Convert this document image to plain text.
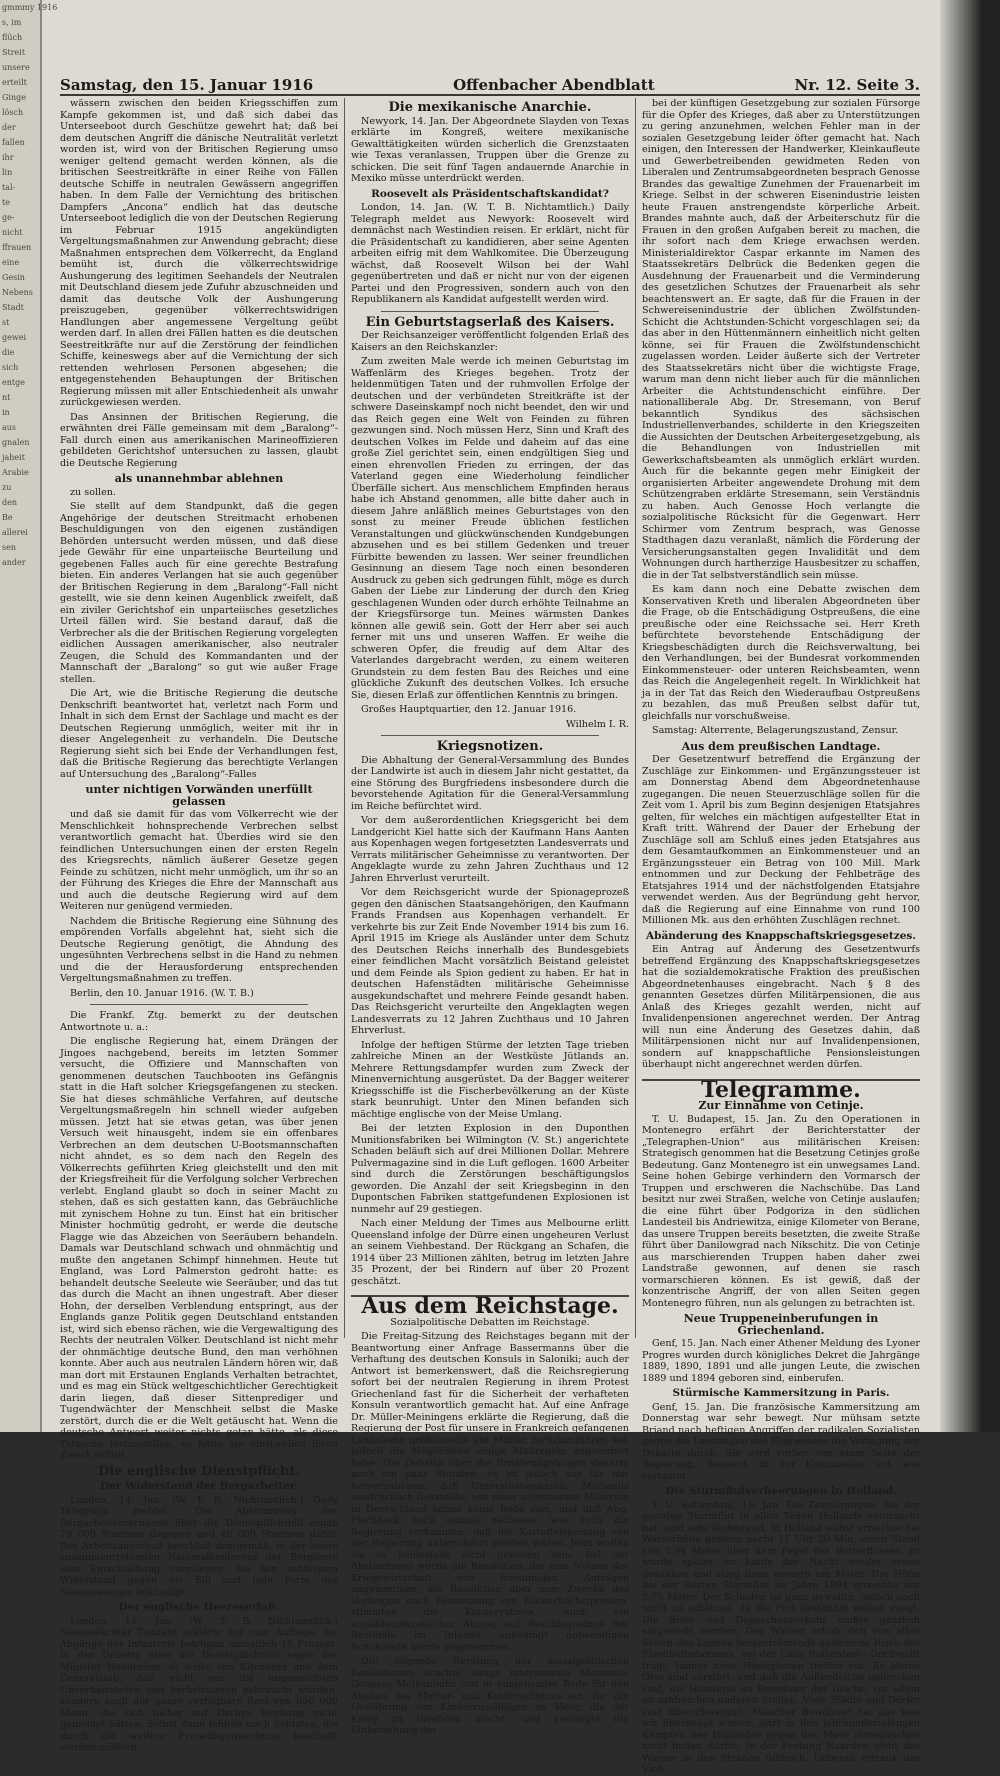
gmmmy 1916
s, im
flüch
Streit
unsere
erteilt
Ginge
lösch
der
fallen
ihr
lin
tal-
te
ge-
nicht
ffrauen
eine
Gesin
Nebens
Stadt
st
gewei
die
sich
entge
nt
in
aus
gnalen
jaheit
Arabie
zu
den
Be
allerei
sen
ander
Samstag, den 15. Januar 1916	Offenbacher Abendblatt	Nr. 12. Seite 3.

wässern zwischen den beiden Kriegsschiffen zum Kampfe gekommen ist, und daß sich dabei das Unterseeboot durch Geschütze gewehrt hat; daß bei dem deutschen Angriff die dänische Neutralität verletzt worden ist, wird von der Britischen Regierung umso weniger geltend gemacht werden können, als die britischen Seestreitkräfte in einer Reihe von Fällen deutsche Schiffe in neutralen Gewässern angegriffen haben. In dem Falle der Vernichtung des britischen Dampfers „Ancona“ endlich hat das deutsche Unterseeboot lediglich die von der Deutschen Regierung im Februar 1915 angekündigten Vergeltungsmaßnahmen zur Anwendung gebracht; diese Maßnahmen entsprechen dem Völkerrecht, da England bemüht ist, durch die völkerrechtswidrige Aushungerung des legitimen Seehandels der Neutralen mit Deutschland diesem jede Zufuhr abzuschneiden und damit das deutsche Volk der Aushungerung preiszugeben, gegenüber völkerrechtswidrigen Handlungen aber angemessene Vergeltung geübt werden darf. In allen drei Fällen hatten es die deutschen Seestreitkräfte nur auf die Zerstörung der feindlichen Schiffe, keineswegs aber auf die Vernichtung der sich rettenden wehrlosen Personen abgesehen; die entgegenstehenden Behauptungen der Britischen Regierung müssen mit aller Entschiedenheit als unwahr zurückgewiesen werden.

Das Ansinnen der Britischen Regierung, die erwähnten drei Fälle gemeinsam mit dem „Baralong“-Fall durch einen aus amerikanischen Marineoffizieren gebildeten Gerichtshof untersuchen zu lassen, glaubt die Deutsche Regierung

als unannehmbar ablehnen

zu sollen.

Sie stellt auf dem Standpunkt, daß die gegen Angehörige der deutschen Streitmacht erhobenen Beschuldigungen von den eigenen zuständigen Behörden untersucht werden müssen, und daß diese jede Gewähr für eine unparteiische Beurteilung und gegebenen Falles auch für eine gerechte Bestrafung bieten. Ein anderes Verlangen hat sie auch gegenüber der Britischen Regierung in dem „Baralong“-Fall nicht gestellt, wie sie denn keinen Augenblick zweifelt, daß ein ziviler Gerichtshof ein unparteiisches gesetzliches Urteil fällen wird. Sie bestand darauf, daß die Verbrecher als die der Britischen Regierung vorgelegten eidlichen Aussagen amerikanischer, also neutraler Zeugen, die Schuld des Kommandanten und der Mannschaft der „Baralong“ so gut wie außer Frage stellen.

Die Art, wie die Britische Regierung die deutsche Denkschrift beantwortet hat, verletzt nach Form und Inhalt in sich dem Ernst der Sachlage und macht es der Deutschen Regierung unmöglich, weiter mit ihr in dieser Angelegenheit zu verhandeln. Die Deutsche Regierung sieht sich bei Ende der Verhandlungen fest, daß die Britische Regierung das berechtigte Verlangen auf Untersuchung des „Baralong“-Falles

unter nichtigen Vorwänden unerfüllt gelassen

und daß sie damit für das vom Völkerrecht wie der Menschlichkeit hohnsprechende Verbrechen selbst verantwortlich gemacht hat. Überdies wird sie den feindlichen Untersuchungen einen der ersten Regeln des Kriegsrechts, nämlich äußerer Gesetze gegen Feinde zu schützen, nicht mehr unmöglich, um ihr so an der Führung des Krieges die Ehre der Mannschaft aus und auch die deutsche Regierung wird auf dem Weiteren nur genügend vermieden.

Nachdem die Britische Regierung eine Sühnung des empörenden Vorfalls abgelehnt hat, sieht sich die Deutsche Regierung genötigt, die Ahndung des ungesühnten Verbrechens selbst in die Hand zu nehmen und die der Herausforderung entsprechenden Vergeltungsmaßnahmen zu treffen.

Berlin, den 10. Januar 1916. (W. T. B.)

Die Frankf. Ztg. bemerkt zu der deutschen Antwortnote u. a.:

Die englische Regierung hat, einem Drängen der Jingoes nachgebend, bereits im letzten Sommer versucht, die Offiziere und Mannschaften von genommenen deutschen Tauchbooten ins Gefängnis statt in die Haft solcher Kriegsgefangenen zu stecken. Sie hat dieses schmähliche Verfahren, auf deutsche Vergeltungsmaßregeln hin schnell wieder aufgeben müssen. Jetzt hat sie etwas getan, was über jenen Versuch weit hinausgeht, indem sie ein offenbares Verbrechen an dem deutschen U-Bootsmannschaften nicht ahndet, es so dem nach den Regeln des Völkerrechts geführten Krieg gleichstellt und den mit der Kriegsfreiheit für die Verfolgung solcher Verbrechen verlebt. England glaubt so doch in seiner Macht zu stehen, daß es sich gestatten kann, das Gebräuchliche mit zynischem Hohne zu tun. Einst hat ein britischer Minister hochmütig gedroht, er werde die deutsche Flagge wie das Abzeichen von Seeräubern behandeln. Damals war Deutschland schwach und ohnmächtig und mußte den angetanen Schimpf hinnehmen. Heute tut England, was Lord Palmerston gedroht hatte: es behandelt deutsche Seeleute wie Seeräuber, und das tut das durch die Macht an ihnen ungestraft. Aber dieser Hohn, der derselben Verblendung entspringt, aus der Englands ganze Politik gegen Deutschland entstanden ist, wird sich ebenso rächen, wie die Vergewaltigung des Rechts der neutralen Völker. Deutschland ist nicht mehr der ohnmächtige deutsche Bund, den man verhöhnen konnte. Aber auch aus neutralen Ländern hören wir, daß man dort mit Erstaunen Englands Verhalten betrachtet, und es mag ein Stück weltgeschichtlicher Gerechtigkeit darin liegen, daß dieser Sittenprediger und Tugendwächter der Menschheit selbst die Maske zerstört, durch die er die Welt getäuscht hat. Wenn die deutsche Antwort weiter nichts getan hätte, als diese Tatsache festzustellen, so hätte sie einstweilen ihren Zweck erfüllt.

Die englische Dienstpflicht.
Der Widerstand der Bergarbeiter.

London, 14. Jan. (W. T. B. Nichtamtlich.) Daily Telegraph meldet: Die Abstimmung der Bergarbeiterverbände über die Dienstpflichtbill ergab 79 000 Stimmen dagegen und 40 000 Stimmen dafür. Der Arbeitsausschuß beschloß demgemäß, in der heute zusammentretenden Nationalkonferenz der Bergleute eine Entschließung vorzulegen, die den schärfsten Widerstand gegen die Bill und jede Form des Staatszwanges ankündigt.

Der englische Heereserlaß.

London, 14. Jan. (W. T. B. Nichtamtlich.) Staatssekretär Tennant erklärte auf eine Anfrage, die Abgänge der Infanterie betrügen monatlich 15 Prozent. In der Debatte über die Dienstpflichtbill sagte der Minister Henderson, er wisse von Kitchener und dem Generalstab, daß nicht nur die ungemeldeten Unverheirateten und Verheirateten gebraucht würden, sondern auch der ganze verfügbare Rest von 650 000 Mann, die sich bisher auf Derbys Werbung nicht gemeldet hätten. Selbst dann fehlten noch Soldaten, die durch die weitere Freiwilligenwerbung beschafft werden müßten.

Die mexikanische Anarchie.

Newyork, 14. Jan. Der Abgeordnete Slayden von Texas erklärte im Kongreß, weitere mexikanische Gewalttätigkeiten würden sicherlich die Grenzstaaten wie Texas veranlassen, Truppen über die Grenze zu schicken. Die seit fünf Tagen andauernde Anarchie in Mexiko müsse unterdrückt werden.

Roosevelt als Präsidentschaftskandidat?

London, 14. Jan. (W. T. B. Nichtamtlich.) Daily Telegraph meldet aus Newyork: Roosevelt wird demnächst nach Westindien reisen. Er erklärt, nicht für die Präsidentschaft zu kandidieren, aber seine Agenten arbeiten eifrig mit dem Wahlkomitee. Die Überzeugung wächst, daß Roosevelt Wilson bei der Wahl gegenübertreten und daß er nicht nur von der eigenen Partei und den Progressiven, sondern auch von den Republikanern als Kandidat aufgestellt werden wird.

Ein Geburtstagserlaß des Kaisers.

Der Reichsanzeiger veröffentlicht folgenden Erlaß des Kaisers an den Reichskanzler:

Zum zweiten Male werde ich meinen Geburtstag im Waffenlärm des Krieges begehen. Trotz der heldenmütigen Taten und der ruhmvollen Erfolge der deutschen und der verbündeten Streitkräfte ist der schwere Daseinskampf noch nicht beendet, den wir und das Reich gegen eine Welt von Feinden zu führen gezwungen sind. Noch müssen Herz, Sinn und Kraft des deutschen Volkes im Felde und daheim auf das eine große Ziel gerichtet sein, einen endgültigen Sieg und einen ehrenvollen Frieden zu erringen, der das Vaterland gegen eine Wiederholung feindlicher Überfälle sichert. Aus menschlichem Empfinden heraus habe ich Abstand genommen, alle bitte daher auch in diesem Jahre anläßlich meines Geburtstages von den sonst zu meiner Freude üblichen festlichen Veranstaltungen und glückwünschenden Kundgebungen abzusehen und es bei stillem Gedenken und treuer Fürbitte bewenden zu lassen. Wer seiner freundlichen Gesinnung an diesem Tage noch einen besonderen Ausdruck zu geben sich gedrungen fühlt, möge es durch Gaben der Liebe zur Linderung der durch den Krieg geschlagenen Wunden oder durch erhöhte Teilnahme an der Kriegsfürsorge tun. Meines wärmsten Dankes können alle gewiß sein. Gott der Herr aber sei auch ferner mit uns und unseren Waffen. Er weihe die schweren Opfer, die freudig auf dem Altar des Vaterlandes dargebracht werden, zu einem weiteren Grundstein zu dem festen Bau des Reiches und eine glückliche Zukunft des deutschen Volkes. Ich ersuche Sie, diesen Erlaß zur öffentlichen Kenntnis zu bringen.

Großes Hauptquartier, den 12. Januar 1916.

Wilhelm I. R.

Kriegsnotizen.

Die Abhaltung der General-Versammlung des Bundes der Landwirte ist auch in diesem Jahr nicht gestattet, da eine Störung des Burgfriedens insbesondere durch die bevorstehende Agitation für die General-Versammlung im Reiche befürchtet wird.

Vor dem außerordentlichen Kriegsgericht bei dem Landgericht Kiel hatte sich der Kaufmann Hans Aanten aus Kopenhagen wegen fortgesetzten Landesverrats und Verrats militärischer Geheimnisse zu verantworten. Der Angeklagte wurde zu zehn Jahren Zuchthaus und 12 Jahren Ehrverlust verurteilt.

Vor dem Reichsgericht wurde der Spionageprozeß gegen den dänischen Staatsangehörigen, den Kaufmann Frands Frandsen aus Kopenhagen verhandelt. Er verkehrte bis zur Zeit Ende November 1914 bis zum 16. April 1915 im Kriege als Ausländer unter dem Schutz des Deutschen Reichs innerhalb des Bundesgebiets einer feindlichen Macht vorsätzlich Beistand geleistet und dem Feinde als Spion gedient zu haben. Er hat in deutschen Hafenstädten militärische Geheimnisse ausgekundschaftet und mehrere Feinde gesandt haben. Das Reichsgericht verurteilte den Angeklagten wegen Landesverrats zu 12 Jahren Zuchthaus und 10 Jahren Ehrverlust.

Infolge der heftigen Stürme der letzten Tage trieben zahlreiche Minen an der Westküste Jütlands an. Mehrere Rettungsdampfer wurden zum Zweck der Minenvernichtung ausgerüstet. Da der Bagger weiterer Kriegsschiffe ist die Fischerbevölkerung an der Küste stark beunruhigt. Unter den Minen befanden sich mächtige englische von der Meise Umlang.

Bei der letzten Explosion in den Duponthen Munitionsfabriken bei Wilmington (V. St.) angerichtete Schaden beläuft sich auf drei Millionen Dollar. Mehrere Pulvermagazine sind in die Luft geflogen. 1600 Arbeiter sind durch die Zerstörungen beschäftigungslos geworden. Die Anzahl der seit Kriegsbeginn in den Dupontschen Fabriken stattgefundenen Explosionen ist nunmehr auf 29 gestiegen.

Nach einer Meldung der Times aus Melbourne erlitt Queensland infolge der Dürre einen ungeheuren Verlust an seinem Viehbestand. Der Rückgang an Schafen, die 1914 über 23 Millionen zählten, betrug im letzten Jahre 35 Prozent, der bei Rindern auf über 20 Prozent geschätzt.

Aus dem Reichstage.
Sozialpolitische Debatten im Reichstage.

Die Freitag-Sitzung des Reichstages begann mit der Beantwortung einer Anfrage Bassermanns über die Verhaftung des deutschen Konsuls in Saloniki; auch der Antwort ist bemerkenswert, daß die Reichsregierung sofort bei der neutralen Regierung in ihrem Protest Griechenland fast für die Sicherheit der verhafteten Konsuln verantwortlich gemacht hat. Auf eine Anfrage Dr. Müller-Meiningens erklärte die Regierung, daß die Regierung der Post für unsere in Frankreich gefangenen Landsleute größtenteils auf Militär zurückzuführen sei, jedoch die Möglichkeit einige Maßregeln angeordnet habe. Die Debatte über die Ernährungsfragen dauerte noch ein paar Stunden, es ist jedoch aus ihr nur hervorzuheben, daß Unterstaatssekretär Michaelis ausdrücklich feststellte, von einer allgemeinen Mißernte in Deutschland könne keine Rede sein, und daß Abg. Fischbeck noch einmal nachwies, wie auch die Regierung verkannten, daß die Kartoffelspeisung von der Regierung unterschätzt worden wären. Jetzt wollen sie es keinesfalls nicht gewesen sein. Bei der Abstimmung wurde die Resolution, die zum Nutzen der Kriegswirtschaft von freisinnigen Anträgen angenommen, die Resolution aber zum Zwecke des Verlangen nach Festsetzung von Zuckerhöchstpreisen, stimmten die Konservativen, auch ein sozialdemokratischer Antrag auf Beschlagnahme der Bestände im Inlande unbedingt notwendigen Schokolade wurde angenommen.

Die folgende Beratung der sozialpolitischen Resolutionen brachte einige interessante Momente. Genosse Molkenbuhr trat in eingehender Rede für den Ausbau des Mutter- und Kinderschutzes ein, für die Gewährung von Kinderzuschlägen an Väter, die der Krieg zu Invaliden macht, und verlangte die Einbeziehung der

bei der künftigen Gesetzgebung zur sozialen Fürsorge für die Opfer des Krieges, daß aber zu Unterstützungen zu gering anzunehmen, welchen Fehler man in der sozialen Gesetzgebung leider öfter gemacht hat. Nach einigen, den Interessen der Handwerker, Kleinkaufleute und Gewerbetreibenden gewidmeten Reden von Liberalen und Zentrumsabgeordneten besprach Genosse Brandes das gewaltige Zunehmen der Frauenarbeit im Kriege. Selbst in der schweren Eisenindustrie leisten heute Frauen anstrengendste körperliche Arbeit. Brandes mahnte auch, daß der Arbeiterschutz für die Frauen in den großen Aufgaben bereit zu machen, die ihr sofort nach dem Kriege erwachsen werden. Ministerialdirektor Caspar erkannte im Namen des Staatssekretärs Delbrück die Bedenken gegen die Ausdehnung der Frauenarbeit und die Verminderung des gesetzlichen Schutzes der Frauenarbeit als sehr beachtenswert an. Er sagte, daß für die Frauen in der Schwereisenindustrie der üblichen Zwölfstunden-Schicht die Achtstunden-Schicht vorgeschlagen sei; da das aber in den Hüttenmännern einheitlich nicht gelten könne, sei für Frauen die Zwölfstundenschicht zugelassen worden. Leider äußerte sich der Vertreter des Staatssekretärs nicht über die wichtigste Frage, warum man denn nicht lieber auch für die männlichen Arbeiter die Achtstundenschicht einführe. Der nationalliberale Abg. Dr. Stresemann, von Beruf bekanntlich Syndikus des sächsischen Industriellenverbandes, schilderte in den Kriegszeiten die Aussichten der Deutschen Arbeitergesetzgebung, als die Behandlungen von Industriellen mit Gewerkschaftsbeamten als unmöglich erklärt wurden. Auch für die bekannte gegen mehr Einigkeit der organisierten Arbeiter angewendete Drohung mit dem Schützengraben erklärte Stresemann, sein Verständnis zu haben. Auch Genosse Hoch verlangte die sozialpolitische Rücksicht für die Gegenwart. Herr Schirmer vom Zentrum besprach, was Genosse Stadthagen dazu veranlaßt, nämlich die Förderung der Versicherungsanstalten gegen Invalidität und dem Wohnungen durch hartherzige Hausbesitzer zu schaffen, die in der Tat selbstverständlich sein müsse.

Es kam dann noch eine Debatte zwischen dem Konservativen Kreth und liberalen Abgeordneten über die Frage, ob die Entschädigung Ostpreußens, die eine preußische oder eine Reichssache sei. Herr Kreth befürchtete bevorstehende Entschädigung der Kriegsbeschädigten durch die Reichsverwaltung, bei den Verhandlungen, bei der Bundesrat vorkommenden Einkommensteuer- oder unteren Reichsbeamten, wenn das Reich die Angelegenheit regelt. In Wirklichkeit hat ja in der Tat das Reich den Wiederaufbau Ostpreußens zu bezahlen, das muß Preußen selbst dafür tut, gleichfalls nur vorschußweise.

Samstag: Alterrente, Belagerungszustand, Zensur.

Aus dem preußischen Landtage.

Der Gesetzentwurf betreffend die Ergänzung der Zuschläge zur Einkommen- und Ergänzungssteuer ist am Donnerstag Abend dem Abgeordnetenhause zugegangen. Die neuen Steuerzuschläge sollen für die Zeit vom 1. April bis zum Beginn desjenigen Etatsjahres gelten, für welches ein mächtigen aufgestellter Etat in Kraft tritt. Während der Dauer der Erhebung der Zuschläge soll am Schluß eines jeden Etatsjahres aus dem Gesamtaufkommen an Einkommensteuer und an Ergänzungssteuer ein Betrag von 100 Mill. Mark entnommen und zur Deckung der Fehlbeträge des Etatsjahres 1914 und der nächstfolgenden Etatsjahre verwendet werden. Aus der Begründung geht hervor, daß die Regierung auf eine Einnahme von rund 100 Millionen Mk. aus den erhöhten Zuschlägen rechnet.

Abänderung des Knappschaftskriegsgesetzes.

Ein Antrag auf Änderung des Gesetzentwurfs betreffend Ergänzung des Knappschaftskriegsgesetzes hat die sozialdemokratische Fraktion des preußischen Abgeordnetenhauses eingebracht. Nach § 8 des genannten Gesetzes dürfen Militärpensionen, die aus Anlaß des Krieges gezahlt werden, nicht auf Invalidenpensionen angerechnet werden. Der Antrag will nun eine Änderung des Gesetzes dahin, daß Militärpensionen nicht nur auf Invalidenpensionen, sondern auf knappschaftliche Pensionsleistungen überhaupt nicht angerechnet werden dürfen.

Telegramme.
Zur Einnahme von Cetinje.

T. U. Budapest, 15. Jan. Zu den Operationen in Montenegro erfährt der Berichterstatter der „Telegraphen-Union“ aus militärischen Kreisen: Strategisch genommen hat die Besetzung Cetinjes große Bedeutung. Ganz Montenegro ist ein unwegsames Land. Seine hohen Gebirge verhindern den Vormarsch der Truppen und erschweren die Nachschübe. Das Land besitzt nur zwei Straßen, welche von Cetinje auslaufen; die eine führt über Podgoriza in den südlichen Landesteil bis Andriewitza, einige Kilometer von Berane, das unsere Truppen bereits besetzten, die zweite Straße führt über Danilowgrad nach Nikschitz. Die von Cetinje aus marschierenden Truppen haben daher zwei Landstraße gewonnen, auf denen sie rasch vormarschieren können. Es ist gewiß, daß der konzentrische Angriff, der von allen Seiten gegen Montenegro führen, nun als gelungen zu betrachten ist.

Neue Truppeneinberufungen in Griechenland.

Genf, 15. Jan. Nach einer Athener Meldung des Lyoner Progres wurden durch königliches Dekret die Jahrgänge 1889, 1890, 1891 und alle jungen Leute, die zwischen 1889 und 1894 geboren sind, einberufen.

Stürmische Kammersitzung in Paris.

Genf, 15. Jan. Die französische Kammersitzung am Donnerstag war sehr bewegt. Nur mühsam setzte Briand nach heftigen Angriffen der radikalen Sozialisten gegen die Leistungen des Flugwesens die Vertagung der Debatte durch. Sie wird vorher von einer Seite der Regierung, Besnard, in der Kommission auf, wie verlautet.

Die Sturmflutverheerungen in Holland.

T. U. Rotterdam, 15. Jan. Die Zerstörungen, die der gestrige Sturmflut in allen Teilen Hollands verursacht hat, sind sehr bedeutend. In Holland selbst erreichte die Wasserhöhe gestern nacht 11 Uhr 30 Min. einen Stand von 3,94 Meter über dem Pegel des Rotterflusses. Er wurde später im Laufe der Nacht wieder etwas gesunken und stieg dann gestern ein Meter. Der Höhe bei der letzten Sturmflut im Jahre 1894 erreichte nur 3,75 Meter. Der Schaden ist ganz gewaltig, jedoch noch nicht zu schätzen, da die Flut beständig weiter steigt. Die Brief- und Depeschenverkehr mußte gänzlich eingestellt werden. Das Wasser erhob sich von allen Seiten des Landes heranströmende zahlreiche Risse des Eisenbahndammes, bei der Linie Rotterdam—Dordrecht trägt. Immer neue Hiobsposten treffen ein. Es kleine Orte sind zerstört, und daß die Außendeiche gebrochen sind, die Hunderte an Bewohner der Deiche, vor allem an zahlreichen anderen Stellen. Viele Städte und Dörfer sind überschwemmt. Mancher Bewohner hat das was wir überhaupt wissen, jetzt in den jahrhundertelangen Kämpfen der Holländer gegen das Meer ihresgleichen nicht finden dürfte. In der Festung Naarden steht das Wasser in den Straßen fußhoch. Ueberall ertrank das Vieh.
